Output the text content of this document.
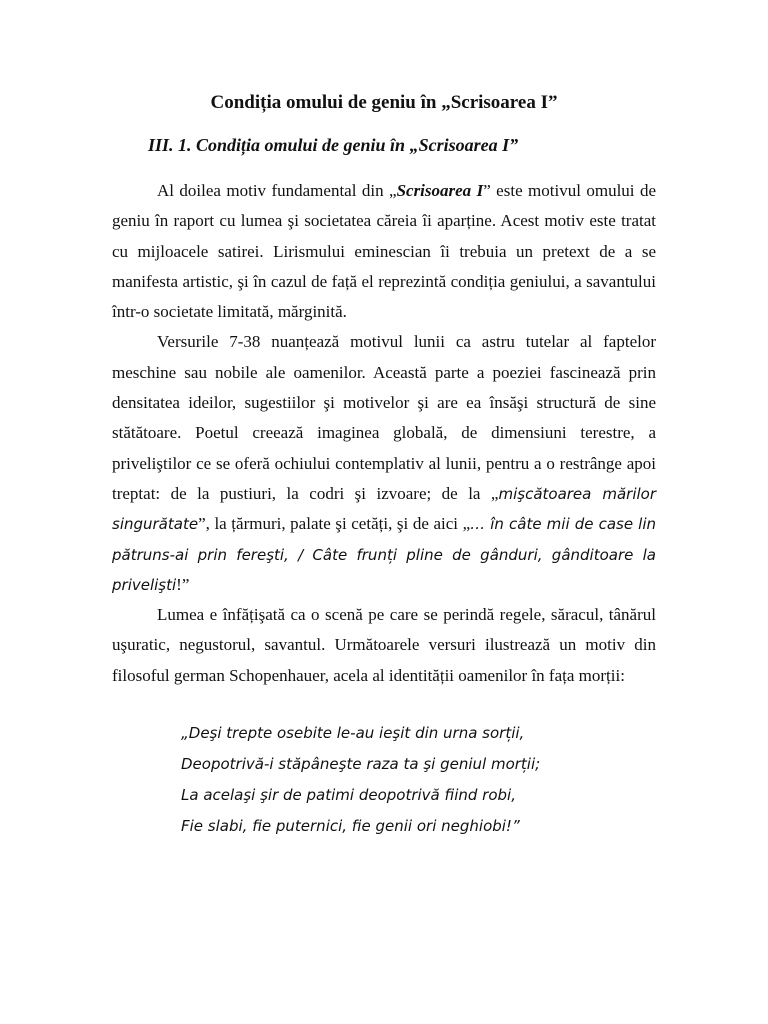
Condiția omului de geniu în „Scrisoarea I”
III. 1. Condiția omului de geniu în „Scrisoarea I”

Al doilea motiv fundamental din „Scrisoarea I” este motivul omului de geniu în raport cu lumea şi societatea căreia îi aparține. Acest motiv este tratat cu mijloacele satirei. Lirismului eminescian îi trebuia un pretext de a se manifesta artistic, şi în cazul de față el reprezintă condiția geniului, a savantului într-o societate limitată, mărginită.

Versurile 7-38 nuanțează motivul lunii ca astru tutelar al faptelor meschine sau nobile ale oamenilor. Această parte a poeziei fascinează prin densitatea ideilor, sugestiilor şi motivelor şi are ea însăşi structură de sine stătătoare. Poetul creează imaginea globală, de dimensiuni terestre, a priveliştilor ce se oferă ochiului contemplativ al lunii, pentru a o restrânge apoi treptat: de la pustiuri, la codri şi izvoare; de la „mişcătoarea mărilor singurătate”, la țărmuri, palate şi cetăți, şi de aici „… în câte mii de case lin pătruns-ai prin fereşti, / Câte frunți pline de gânduri, gânditoare la privelişti!”

Lumea e înfățişată ca o scenă pe care se perindă regele, săracul, tânărul uşuratic, negustorul, savantul. Următoarele versuri ilustrează un motiv din filosoful german Schopenhauer, acela al identității oamenilor în fața morții:

„Deşi trepte osebite le-au ieşit din urna sorții,
Deopotrivă-i stăpâneşte raza ta şi geniul morții;
La acelaşi şir de patimi deopotrivă fiind robi,
Fie slabi, fie puternici, fie genii ori neghiobi!”
